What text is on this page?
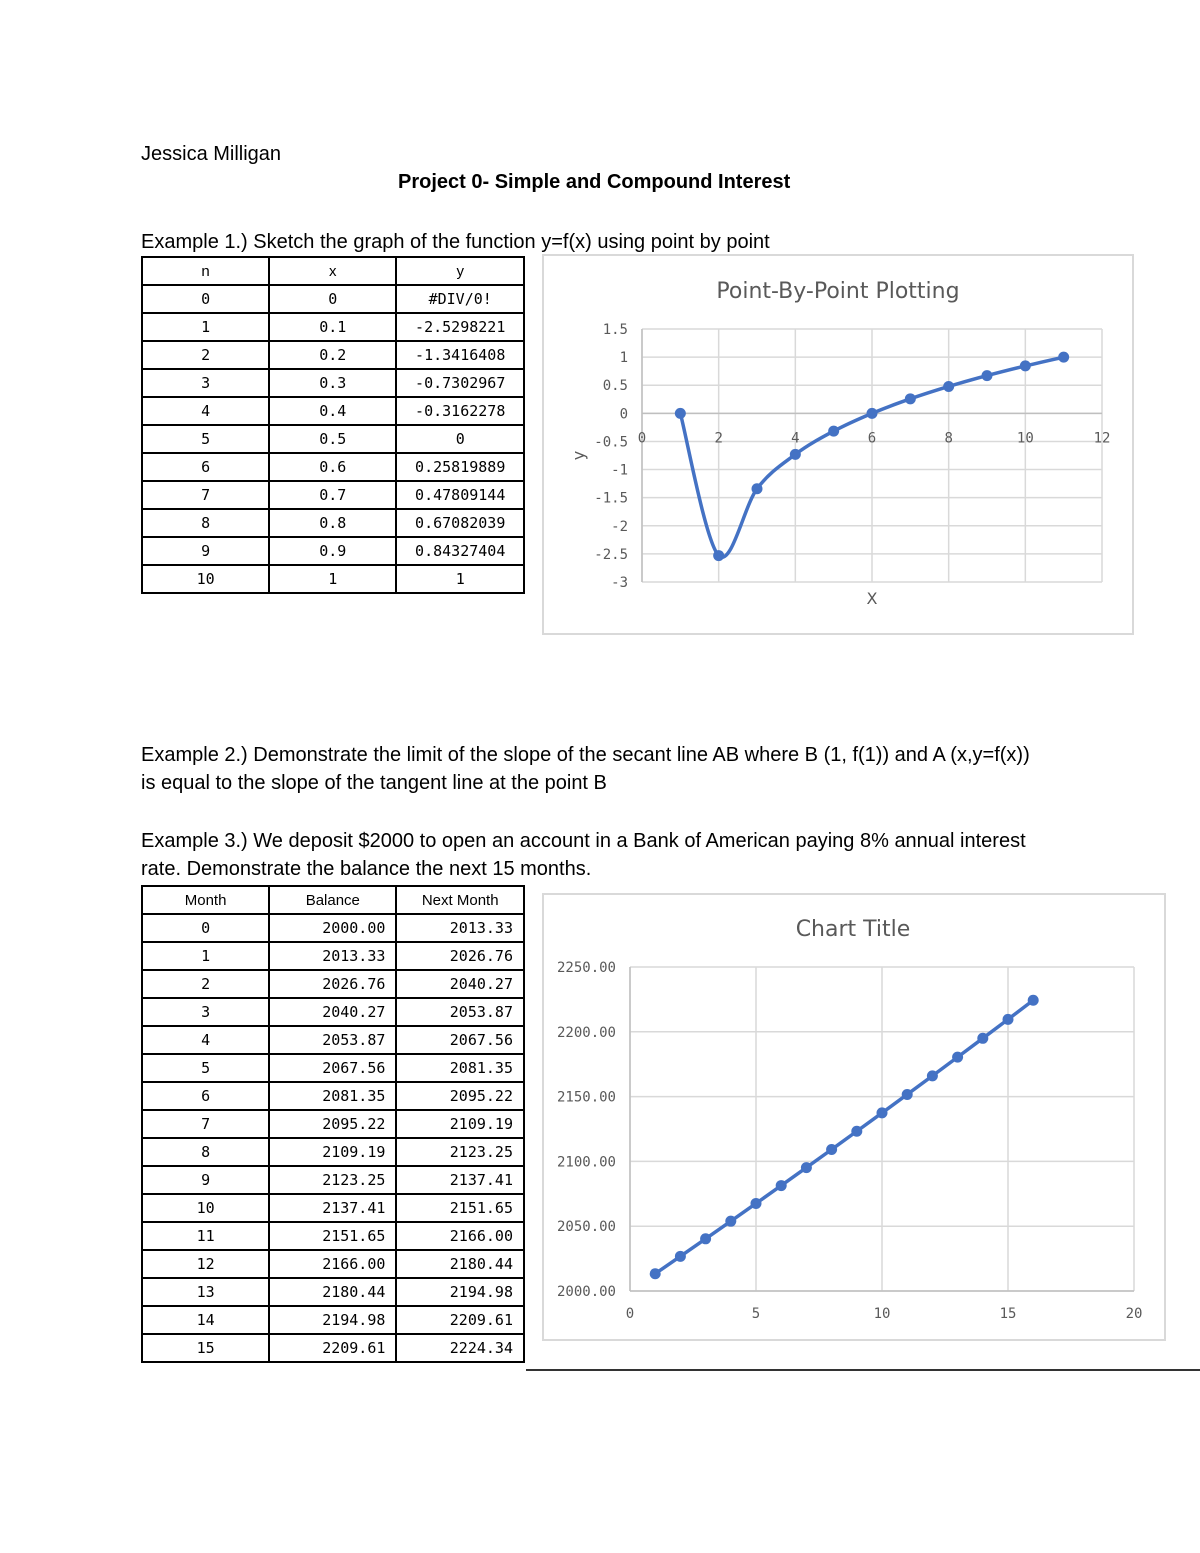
Jessica Milligan
Project 0- Simple and Compound Interest
Example 1.) Sketch the graph of the function y=f(x) using point by point
n	x	y
0	0	#DIV/0!
1	0.1	-2.5298221
2	0.2	-1.3416408
3	0.3	-0.7302967
4	0.4	-0.3162278
5	0.5	0
6	0.6	0.25819889
7	0.7	0.47809144
8	0.8	0.67082039
9	0.9	0.84327404
10	1	1
Point-By-Point Plotting
1.5
1
0.5
0
-0.5
-1
-1.5
-2
-2.5
-3
0	2	4	6	8	10	12
X
y
Example 2.) Demonstrate the limit of the slope of the secant line AB where B (1, f(1)) and A (x,y=f(x)) is equal to the slope of the tangent line at the point B
Example 3.) We deposit $2000 to open an account in a Bank of American paying 8% annual interest rate. Demonstrate the balance the next 15 months.
Month	Balance	Next Month
0	2000.00	2013.33
1	2013.33	2026.76
2	2026.76	2040.27
3	2040.27	2053.87
4	2053.87	2067.56
5	2067.56	2081.35
6	2081.35	2095.22
7	2095.22	2109.19
8	2109.19	2123.25
9	2123.25	2137.41
10	2137.41	2151.65
11	2151.65	2166.00
12	2166.00	2180.44
13	2180.44	2194.98
14	2194.98	2209.61
15	2209.61	2224.34
Chart Title
2250.00
2200.00
2150.00
2100.00
2050.00
2000.00
0	5	10	15	20
